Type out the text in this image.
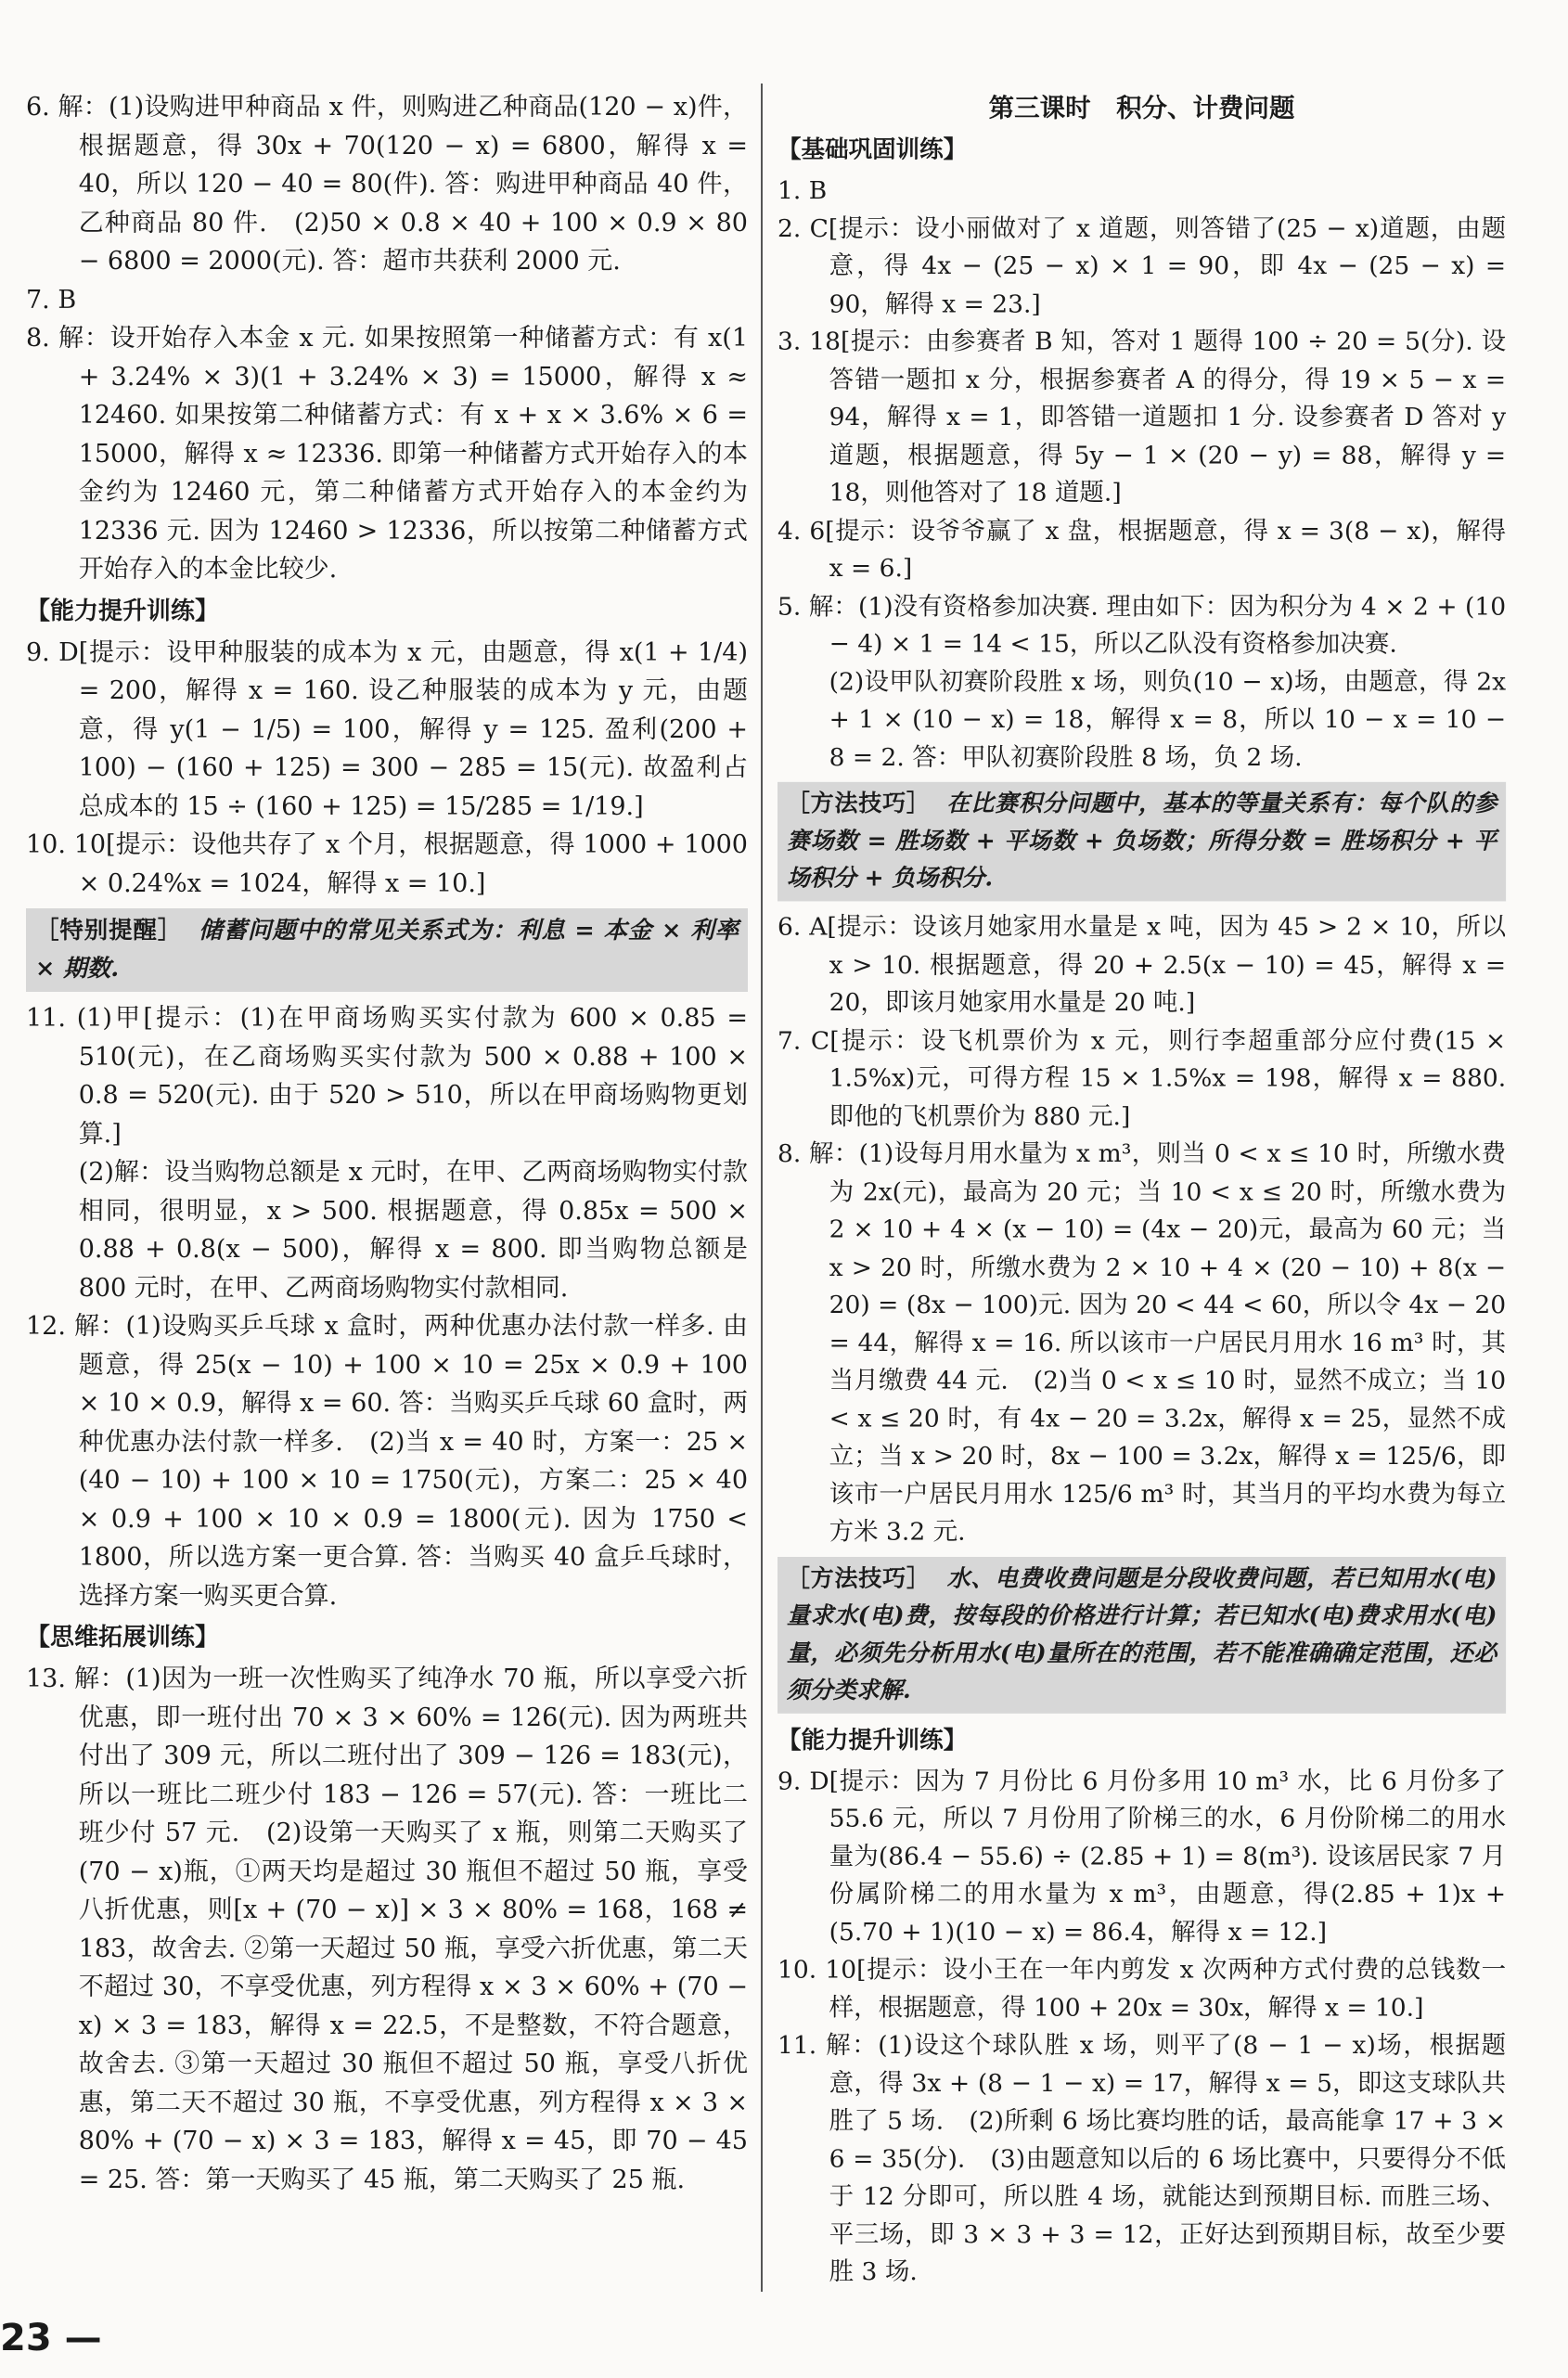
6. 解：(1)设购进甲种商品 x 件，则购进乙种商品(120 − x)件，根据题意，得 30x + 70(120 − x) = 6800，解得 x = 40，所以 120 − 40 = 80(件). 答：购进甲种商品 40 件，乙种商品 80 件.　(2)50 × 0.8 × 40 + 100 × 0.9 × 80 − 6800 = 2000(元). 答：超市共获利 2000 元.

7. B

8. 解：设开始存入本金 x 元. 如果按照第一种储蓄方式：有 x(1 + 3.24% × 3)(1 + 3.24% × 3) = 15000，解得 x ≈ 12460. 如果按第二种储蓄方式：有 x + x × 3.6% × 6 = 15000，解得 x ≈ 12336. 即第一种储蓄方式开始存入的本金约为 12460 元，第二种储蓄方式开始存入的本金约为 12336 元. 因为 12460 > 12336，所以按第二种储蓄方式开始存入的本金比较少.

【能力提升训练】

9. D[提示：设甲种服装的成本为 x 元，由题意，得 x(1 + 1/4) = 200，解得 x = 160. 设乙种服装的成本为 y 元，由题意，得 y(1 − 1/5) = 100，解得 y = 125. 盈利(200 + 100) − (160 + 125) = 300 − 285 = 15(元). 故盈利占总成本的 15 ÷ (160 + 125) = 15/285 = 1/19.]

10. 10[提示：设他共存了 x 个月，根据题意，得 1000 + 1000 × 0.24%x = 1024，解得 x = 10.]

［特别提醒］ 储蓄问题中的常见关系式为：利息 = 本金 × 利率 × 期数.

11. (1)甲[提示：(1)在甲商场购买实付款为 600 × 0.85 = 510(元)，在乙商场购买实付款为 500 × 0.88 + 100 × 0.8 = 520(元). 由于 520 > 510，所以在甲商场购物更划算.]

(2)解：设当购物总额是 x 元时，在甲、乙两商场购物实付款相同，很明显，x > 500. 根据题意，得 0.85x = 500 × 0.88 + 0.8(x − 500)，解得 x = 800. 即当购物总额是 800 元时，在甲、乙两商场购物实付款相同.

12. 解：(1)设购买乒乓球 x 盒时，两种优惠办法付款一样多. 由题意，得 25(x − 10) + 100 × 10 = 25x × 0.9 + 100 × 10 × 0.9，解得 x = 60. 答：当购买乒乓球 60 盒时，两种优惠办法付款一样多.　(2)当 x = 40 时，方案一：25 × (40 − 10) + 100 × 10 = 1750(元)，方案二：25 × 40 × 0.9 + 100 × 10 × 0.9 = 1800(元). 因为 1750 < 1800，所以选方案一更合算. 答：当购买 40 盒乒乓球时，选择方案一购买更合算.

【思维拓展训练】

13. 解：(1)因为一班一次性购买了纯净水 70 瓶，所以享受六折优惠，即一班付出 70 × 3 × 60% = 126(元). 因为两班共付出了 309 元，所以二班付出了 309 − 126 = 183(元)，所以一班比二班少付 183 − 126 = 57(元). 答：一班比二班少付 57 元.　(2)设第一天购买了 x 瓶，则第二天购买了(70 − x)瓶，①两天均是超过 30 瓶但不超过 50 瓶，享受八折优惠，则[x + (70 − x)] × 3 × 80% = 168，168 ≠ 183，故舍去. ②第一天超过 50 瓶，享受六折优惠，第二天不超过 30，不享受优惠，列方程得 x × 3 × 60% + (70 − x) × 3 = 183，解得 x = 22.5，不是整数，不符合题意，故舍去. ③第一天超过 30 瓶但不超过 50 瓶，享受八折优惠，第二天不超过 30 瓶，不享受优惠，列方程得 x × 3 × 80% + (70 − x) × 3 = 183，解得 x = 45，即 70 − 45 = 25. 答：第一天购买了 45 瓶，第二天购买了 25 瓶.

第三课时　积分、计费问题

【基础巩固训练】

1. B

2. C[提示：设小丽做对了 x 道题，则答错了(25 − x)道题，由题意，得 4x − (25 − x) × 1 = 90，即 4x − (25 − x) = 90，解得 x = 23.]

3. 18[提示：由参赛者 B 知，答对 1 题得 100 ÷ 20 = 5(分). 设答错一题扣 x 分，根据参赛者 A 的得分，得 19 × 5 − x = 94，解得 x = 1，即答错一道题扣 1 分. 设参赛者 D 答对 y 道题，根据题意，得 5y − 1 × (20 − y) = 88，解得 y = 18，则他答对了 18 道题.]

4. 6[提示：设爷爷赢了 x 盘，根据题意，得 x = 3(8 − x)，解得 x = 6.]

5. 解：(1)没有资格参加决赛. 理由如下：因为积分为 4 × 2 + (10 − 4) × 1 = 14 < 15，所以乙队没有资格参加决赛.

(2)设甲队初赛阶段胜 x 场，则负(10 − x)场，由题意，得 2x + 1 × (10 − x) = 18，解得 x = 8，所以 10 − x = 10 − 8 = 2. 答：甲队初赛阶段胜 8 场，负 2 场.

［方法技巧］ 在比赛积分问题中，基本的等量关系有：每个队的参赛场数 = 胜场数 + 平场数 + 负场数；所得分数 = 胜场积分 + 平场积分 + 负场积分.

6. A[提示：设该月她家用水量是 x 吨，因为 45 > 2 × 10，所以 x > 10. 根据题意，得 20 + 2.5(x − 10) = 45，解得 x = 20，即该月她家用水量是 20 吨.]

7. C[提示：设飞机票价为 x 元，则行李超重部分应付费(15 × 1.5%x)元，可得方程 15 × 1.5%x = 198，解得 x = 880. 即他的飞机票价为 880 元.]

8. 解：(1)设每月用水量为 x m³，则当 0 < x ≤ 10 时，所缴水费为 2x(元)，最高为 20 元；当 10 < x ≤ 20 时，所缴水费为 2 × 10 + 4 × (x − 10) = (4x − 20)元，最高为 60 元；当 x > 20 时，所缴水费为 2 × 10 + 4 × (20 − 10) + 8(x − 20) = (8x − 100)元. 因为 20 < 44 < 60，所以令 4x − 20 = 44，解得 x = 16. 所以该市一户居民月用水 16 m³ 时，其当月缴费 44 元.　(2)当 0 < x ≤ 10 时，显然不成立；当 10 < x ≤ 20 时，有 4x − 20 = 3.2x，解得 x = 25，显然不成立；当 x > 20 时，8x − 100 = 3.2x，解得 x = 125/6，即该市一户居民月用水 125/6 m³ 时，其当月的平均水费为每立方米 3.2 元.

［方法技巧］ 水、电费收费问题是分段收费问题，若已知用水(电)量求水(电)费，按每段的价格进行计算；若已知水(电)费求用水(电)量，必须先分析用水(电)量所在的范围，若不能准确确定范围，还必须分类求解.

【能力提升训练】

9. D[提示：因为 7 月份比 6 月份多用 10 m³ 水，比 6 月份多了 55.6 元，所以 7 月份用了阶梯三的水，6 月份阶梯二的用水量为(86.4 − 55.6) ÷ (2.85 + 1) = 8(m³). 设该居民家 7 月份属阶梯二的用水量为 x m³，由题意，得(2.85 + 1)x + (5.70 + 1)(10 − x) = 86.4，解得 x = 12.]

10. 10[提示：设小王在一年内剪发 x 次两种方式付费的总钱数一样，根据题意，得 100 + 20x = 30x，解得 x = 10.]

11. 解：(1)设这个球队胜 x 场，则平了(8 − 1 − x)场，根据题意，得 3x + (8 − 1 − x) = 17，解得 x = 5，即这支球队共胜了 5 场.　(2)所剩 6 场比赛均胜的话，最高能拿 17 + 3 × 6 = 35(分).　(3)由题意知以后的 6 场比赛中，只要得分不低于 12 分即可，所以胜 4 场，就能达到预期目标. 而胜三场、平三场，即 3 × 3 + 3 = 12，正好达到预期目标，故至少要胜 3 场.

23 —
